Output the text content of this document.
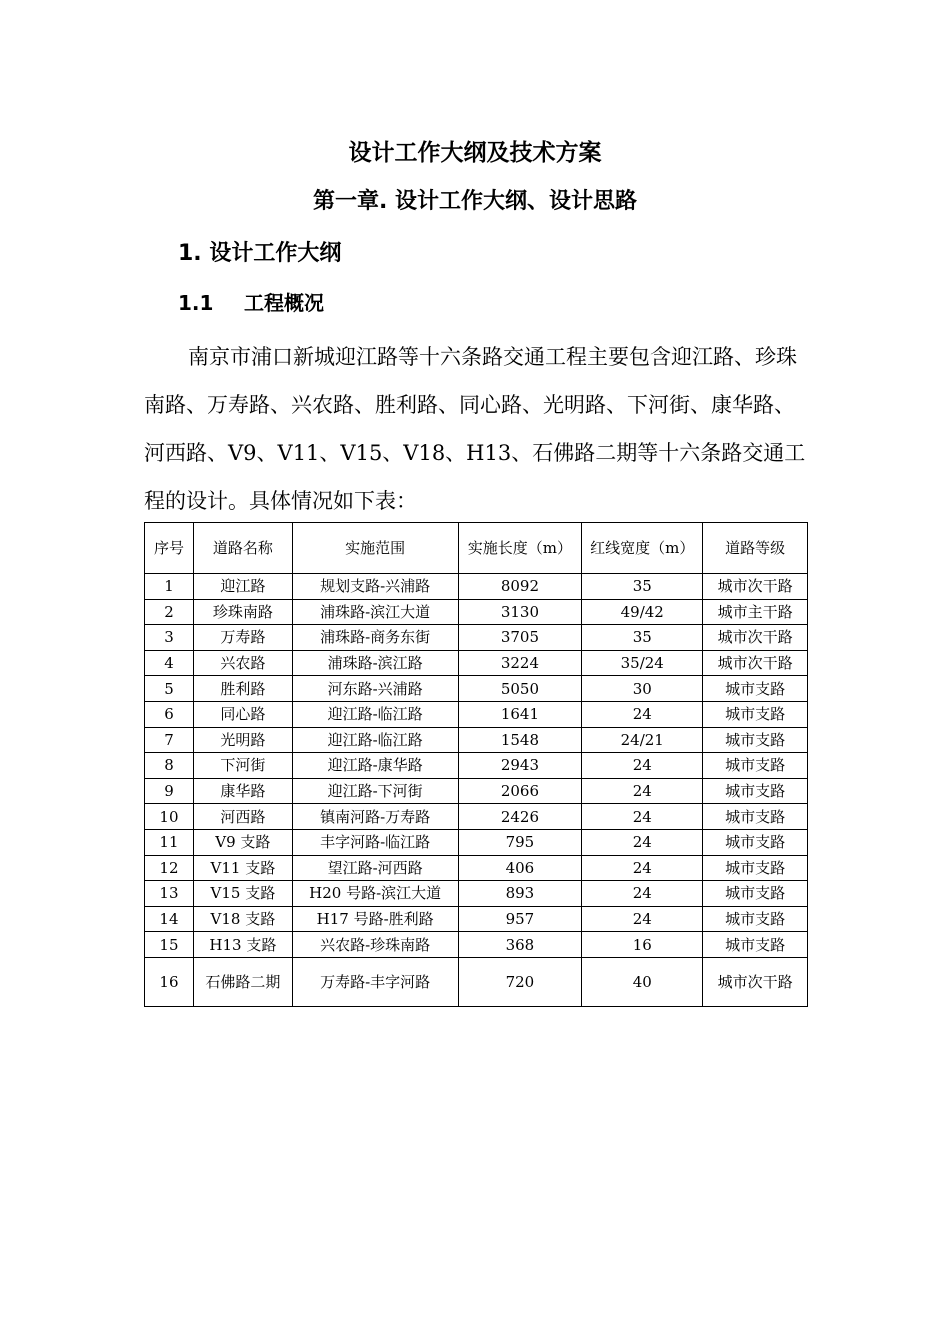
设计工作大纲及技术方案
第一章. 设计工作大纲、设计思路
1. 设计工作大纲
1.1 工程概况
南京市浦口新城迎江路等十六条路交通工程主要包含迎江路、珍珠南路、万寿路、兴农路、胜利路、同心路、光明路、下河街、康华路、河西路、V9、V11、V15、V18、H13、石佛路二期等十六条路交通工程的设计。具体情况如下表：
序号	道路名称	实施范围	实施长度（m）	红线宽度（m）	道路等级
1	迎江路	规划支路-兴浦路	8092	35	城市次干路
2	珍珠南路	浦珠路-滨江大道	3130	49/42	城市主干路
3	万寿路	浦珠路-商务东街	3705	35	城市次干路
4	兴农路	浦珠路-滨江路	3224	35/24	城市次干路
5	胜利路	河东路-兴浦路	5050	30	城市支路
6	同心路	迎江路-临江路	1641	24	城市支路
7	光明路	迎江路-临江路	1548	24/21	城市支路
8	下河街	迎江路-康华路	2943	24	城市支路
9	康华路	迎江路-下河街	2066	24	城市支路
10	河西路	镇南河路-万寿路	2426	24	城市支路
11	V9 支路	丰字河路-临江路	795	24	城市支路
12	V11 支路	望江路-河西路	406	24	城市支路
13	V15 支路	H20 号路-滨江大道	893	24	城市支路
14	V18 支路	H17 号路-胜利路	957	24	城市支路
15	H13 支路	兴农路-珍珠南路	368	16	城市支路
16	石佛路二期	万寿路-丰字河路	720	40	城市次干路
